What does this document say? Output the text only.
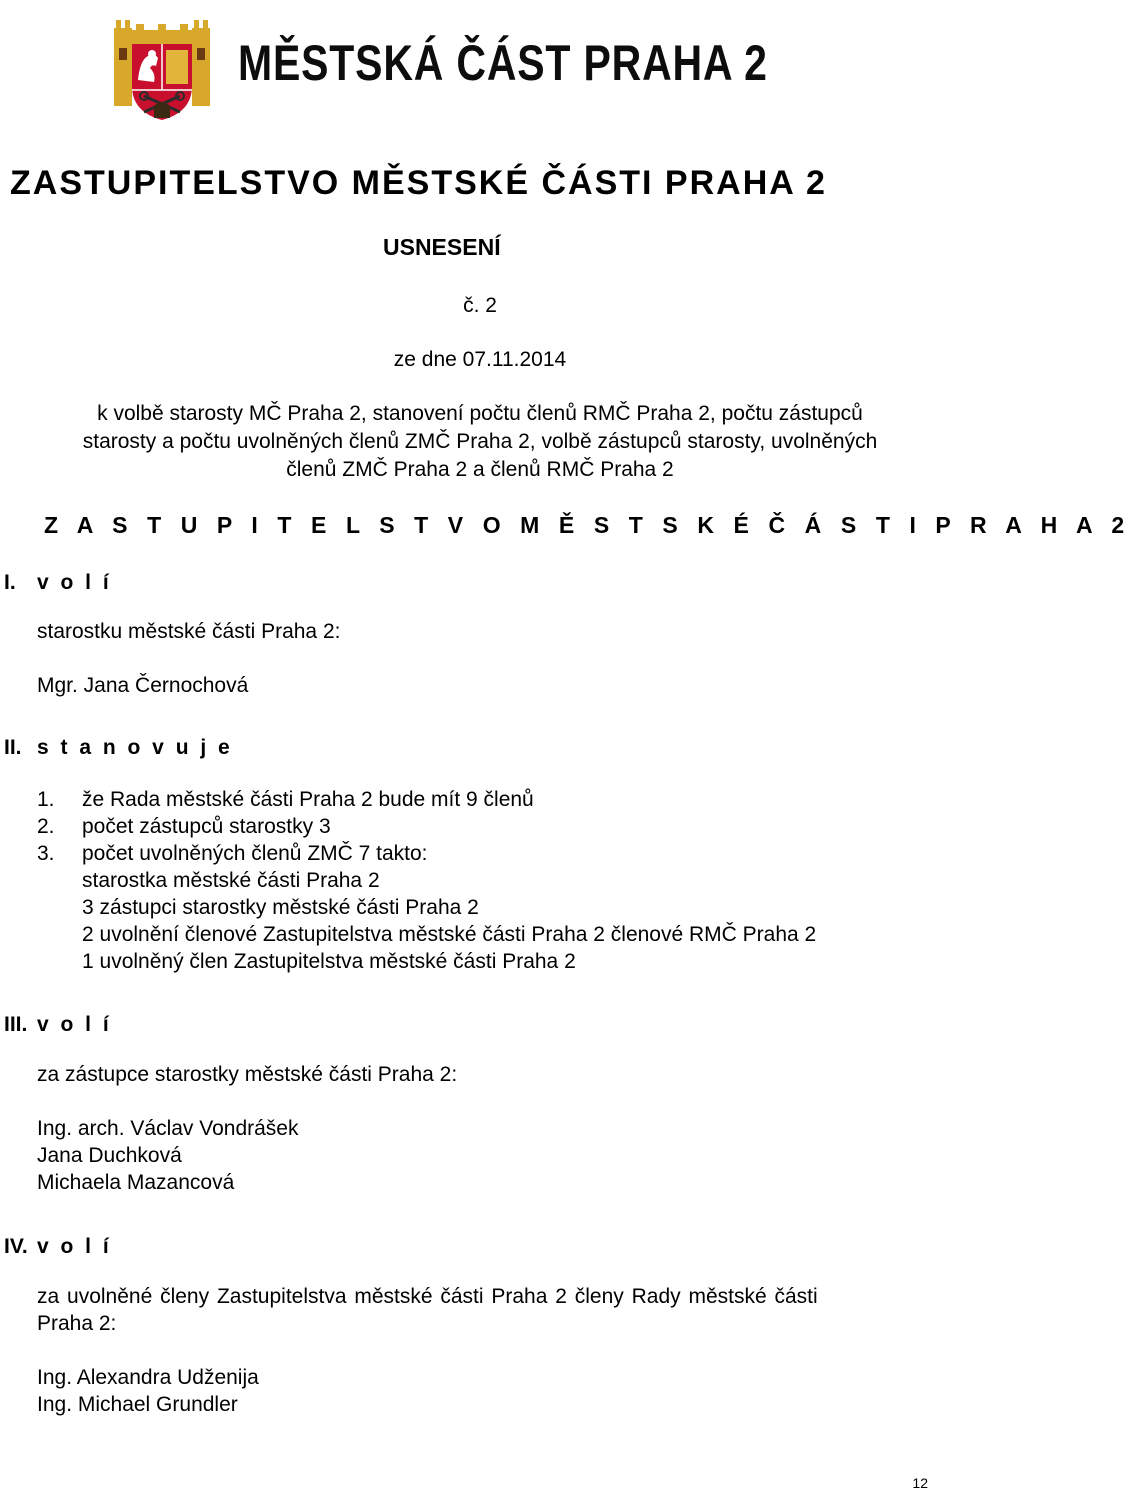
MĚSTSKÁ ČÁST PRAHA 2
ZASTUPITELSTVO MĚSTSKÉ ČÁSTI PRAHA 2
USNESENÍ
č. 2
ze dne 07.11.2014
k volbě starosty MČ Praha 2, stanovení počtu členů RMČ Praha 2, počtu zástupců
starosty a počtu uvolněných členů ZMČ Praha 2, volbě zástupců starosty, uvolněných
členů ZMČ Praha 2 a členů RMČ Praha 2
Z A S T U P I T E L S T V O M Ě S T S K É Č Á S T I P R A H A 2
I. v o l í
starostku městské části Praha 2:
Mgr. Jana Černochová
II. s t a n o v u j e
1. že Rada městské části Praha 2 bude mít 9 členů
2. počet zástupců starostky 3
3. počet uvolněných členů ZMČ 7 takto:
starostka městské části Praha 2
3 zástupci starostky městské části Praha 2
2 uvolnění členové Zastupitelstva městské části Praha 2 členové RMČ Praha 2
1 uvolněný člen Zastupitelstva městské části Praha 2
III. v o l í
za zástupce starostky městské části Praha 2:
Ing. arch. Václav Vondrášek
Jana Duchková
Michaela Mazancová
IV. v o l í
za uvolněné členy Zastupitelstva městské části Praha 2 členy Rady městské části
Praha 2:
Ing. Alexandra Udženija
Ing. Michael Grundler
12
